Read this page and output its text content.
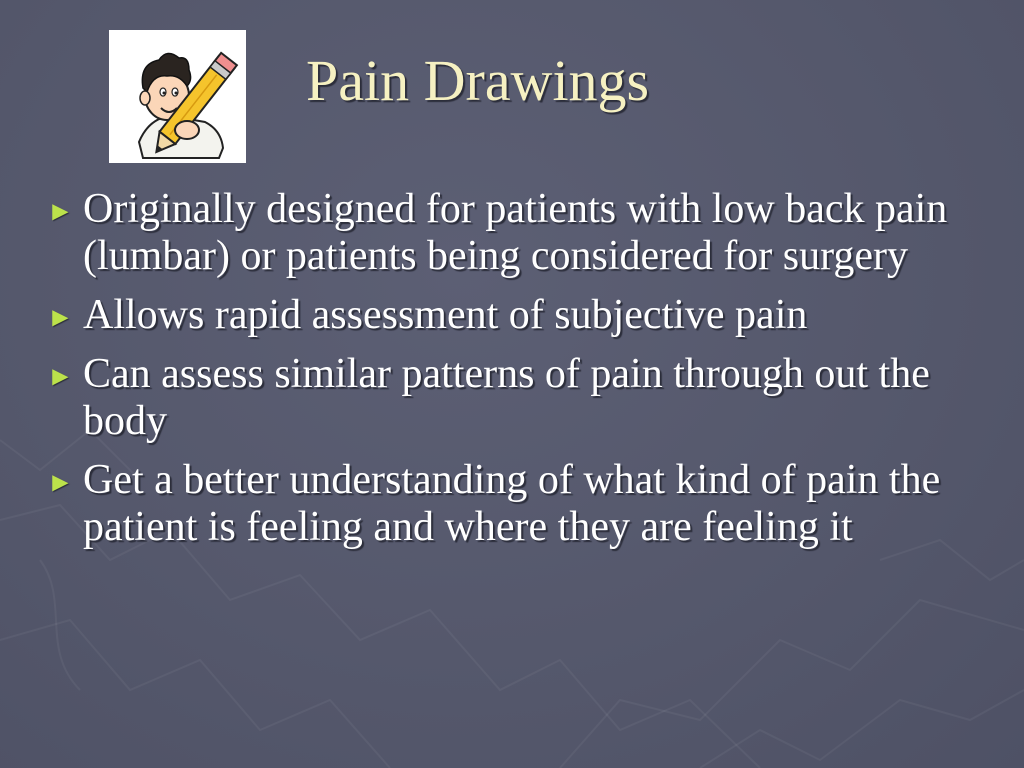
Pain Drawings
► Originally designed for patients with low back pain (lumbar) or patients being considered for surgery
► Allows rapid assessment of subjective pain
► Can assess similar patterns of pain through out the body
► Get a better understanding of what kind of pain the patient is feeling and where they are feeling it
